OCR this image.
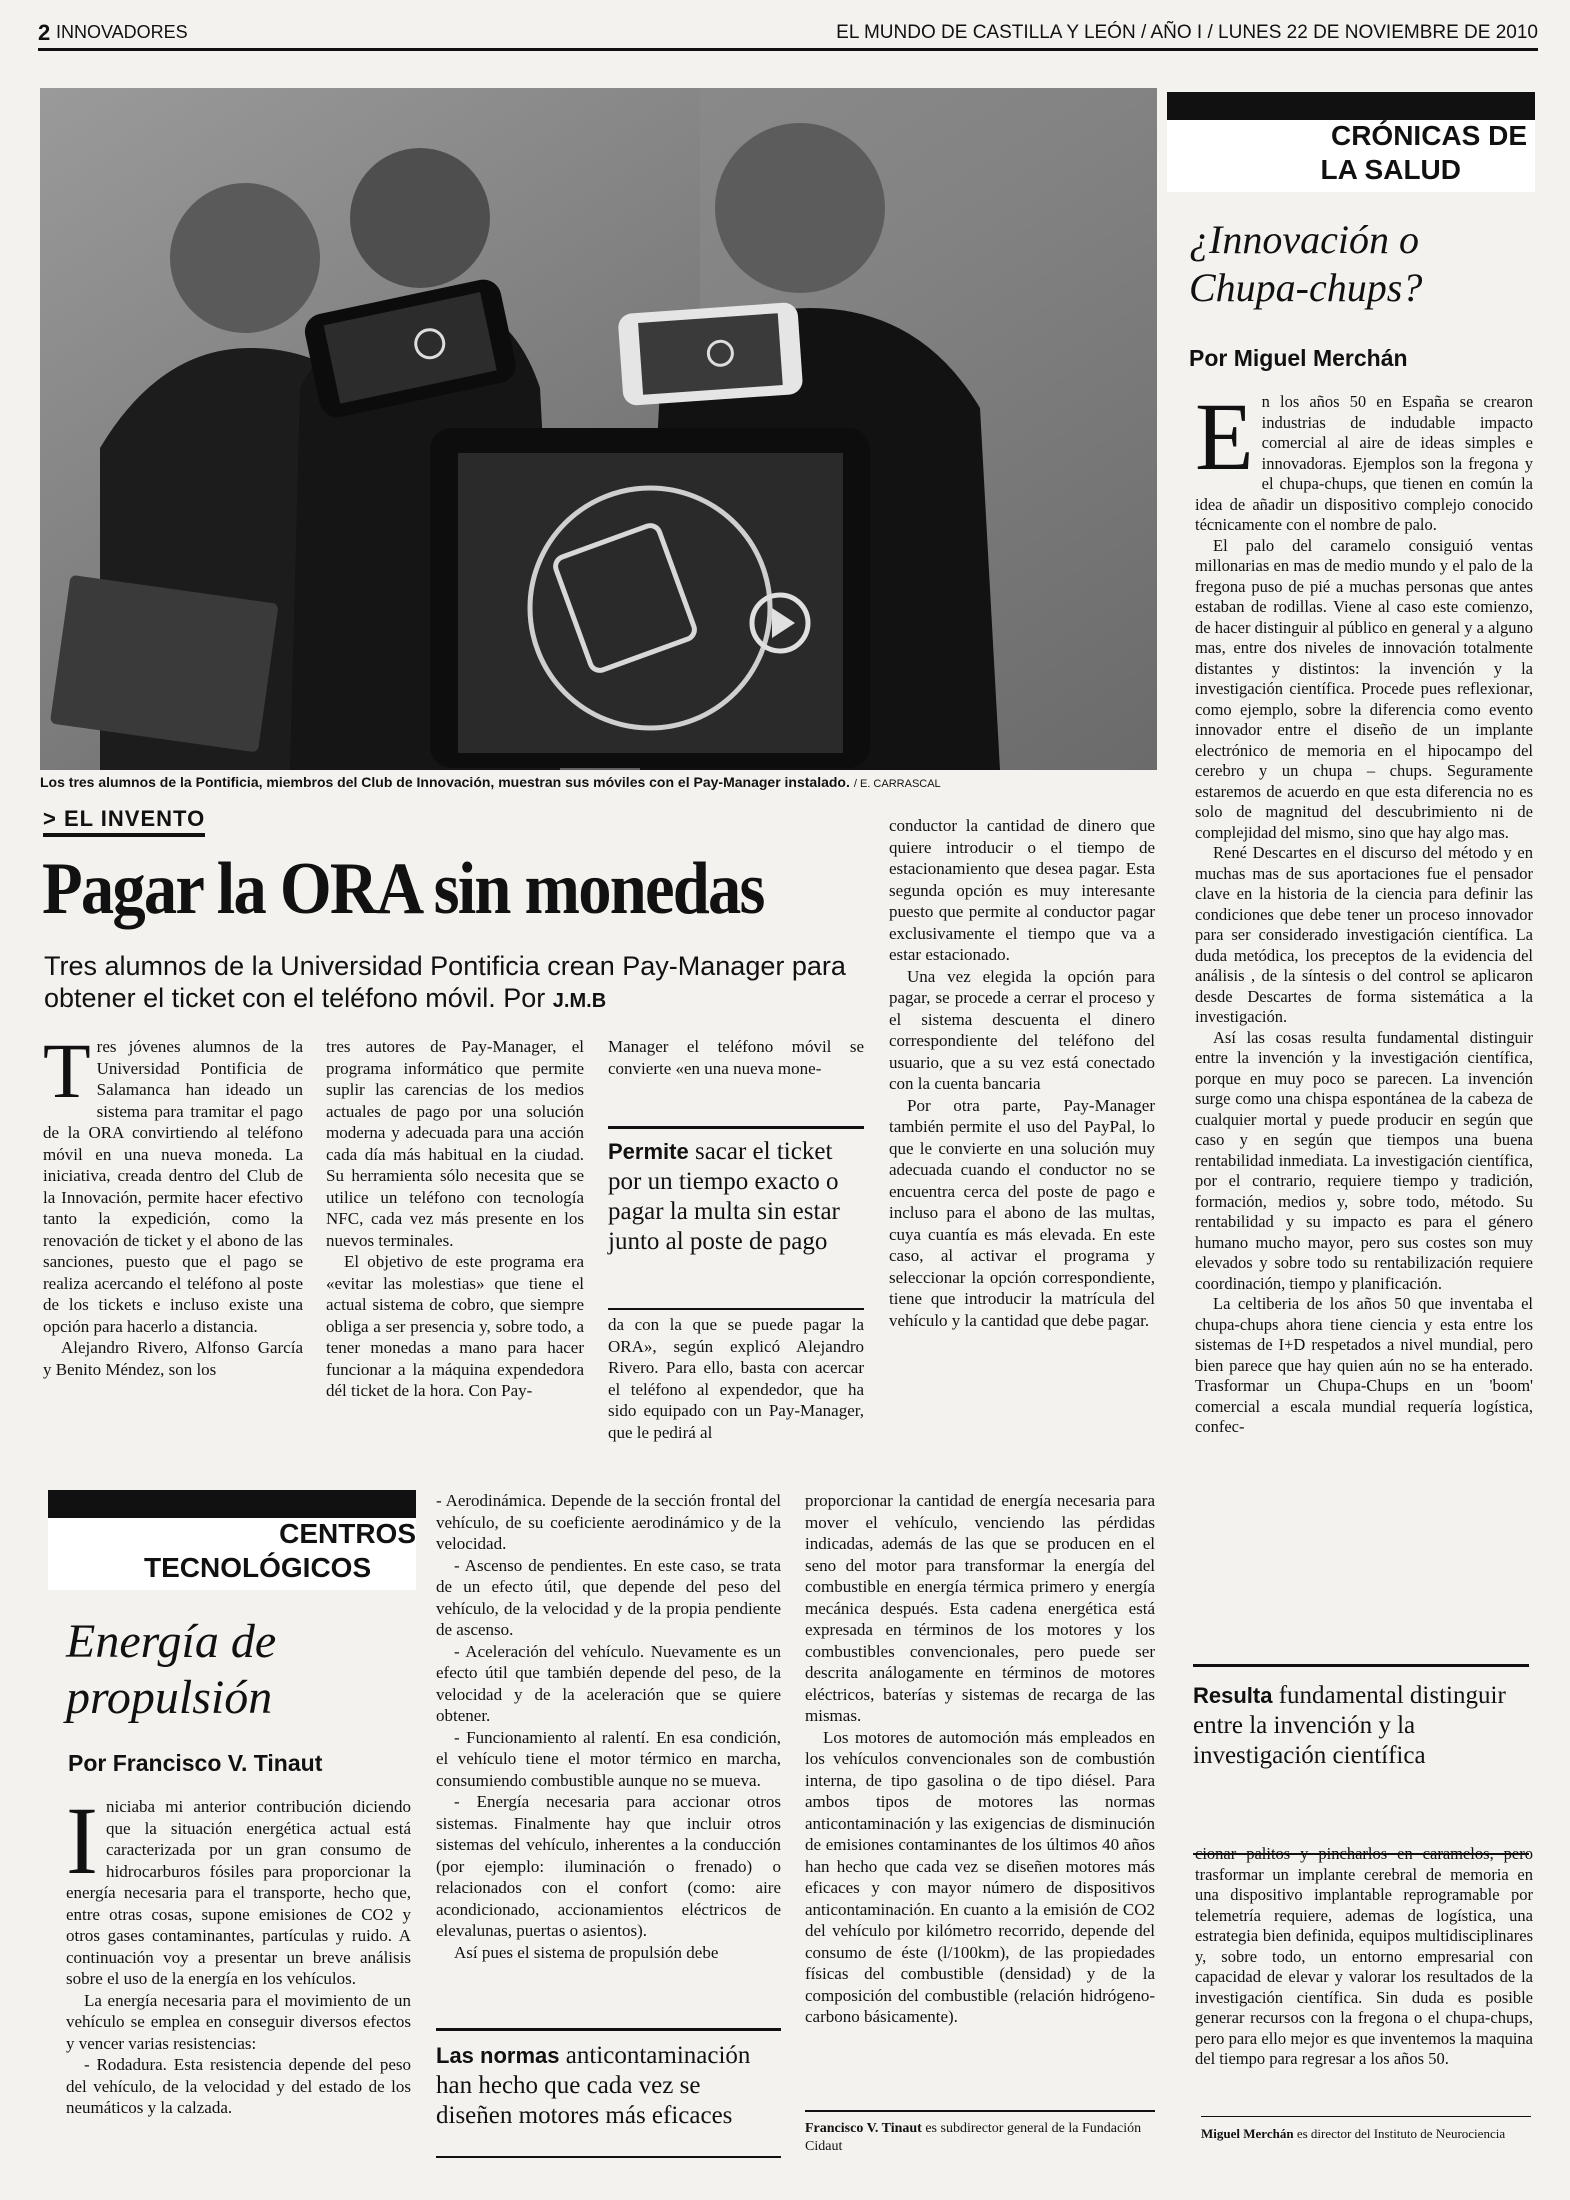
2 INNOVADORES	EL MUNDO DE CASTILLA Y LEÓN / AÑO I / LUNES 22 DE NOVIEMBRE DE 2010
Los tres alumnos de la Pontificia, miembros del Club de Innovación, muestran sus móviles con el Pay-Manager instalado. / E. CARRASCAL
> EL INVENTO
Pagar la ORA sin monedas
Tres alumnos de la Universidad Pontificia crean Pay-Manager para obtener el ticket con el teléfono móvil. Por J.M.B

Tres jóvenes alumnos de la Universidad Pontificia de Salamanca han ideado un sistema para tramitar el pago de la ORA convirtiendo al teléfono móvil en una nueva moneda. La iniciativa, creada dentro del Club de la Innovación, permite hacer efectivo tanto la expedición, como la renovación de ticket y el abono de las sanciones, puesto que el pago se realiza acercando el teléfono al poste de los tickets e incluso existe una opción para hacerlo a distancia.

Alejandro Rivero, Alfonso García y Benito Méndez, son los

tres autores de Pay-Manager, el programa informático que permite suplir las carencias de los medios actuales de pago por una solución moderna y adecuada para una acción cada día más habitual en la ciudad. Su herramienta sólo necesita que se utilice un teléfono con tecnología NFC, cada vez más presente en los nuevos terminales.

El objetivo de este programa era «evitar las molestias» que tiene el actual sistema de cobro, que siempre obliga a ser presencia y, sobre todo, a tener monedas a mano para hacer funcionar a la máquina expendedora dél ticket de la hora. Con Pay-

Manager el teléfono móvil se convierte «en una nueva mone-

Permite sacar el ticket por un tiempo exacto o pagar la multa sin estar junto al poste de pago

da con la que se puede pagar la ORA», según explicó Alejandro Rivero. Para ello, basta con acercar el teléfono al expendedor, que ha sido equipado con un Pay-Manager, que le pedirá al

conductor la cantidad de dinero que quiere introducir o el tiempo de estacionamiento que desea pagar. Esta segunda opción es muy interesante puesto que permite al conductor pagar exclusivamente el tiempo que va a estar estacionado.

Una vez elegida la opción para pagar, se procede a cerrar el proceso y el sistema descuenta el dinero correspondiente del teléfono del usuario, que a su vez está conectado con la cuenta bancaria

Por otra parte, Pay-Manager también permite el uso del PayPal, lo que le convierte en una solución muy adecuada cuando el conductor no se encuentra cerca del poste de pago e incluso para el abono de las multas, cuya cuantía es más elevada. En este caso, al activar el programa y seleccionar la opción correspondiente, tiene que introducir la matrícula del vehículo y la cantidad que debe pagar.

CRÓNICAS DE
LA SALUD
¿Innovación o Chupa-chups?
Por Miguel Merchán

En los años 50 en España se crearon industrias de indudable impacto comercial al aire de ideas simples e innovadoras. Ejemplos son la fregona y el chupa-chups, que tienen en común la idea de añadir un dispositivo complejo conocido técnicamente con el nombre de palo.

El palo del caramelo consiguió ventas millonarias en mas de medio mundo y el palo de la fregona puso de pié a muchas personas que antes estaban de rodillas. Viene al caso este comienzo, de hacer distinguir al público en general y a alguno mas, entre dos niveles de innovación totalmente distantes y distintos: la invención y la investigación científica. Procede pues reflexionar, como ejemplo, sobre la diferencia como evento innovador entre el diseño de un implante electrónico de memoria en el hipocampo del cerebro y un chupa – chups. Seguramente estaremos de acuerdo en que esta diferencia no es solo de magnitud del descubrimiento ni de complejidad del mismo, sino que hay algo mas.

René Descartes en el discurso del método y en muchas mas de sus aportaciones fue el pensador clave en la historia de la ciencia para definir las condiciones que debe tener un proceso innovador para ser considerado investigación científica. La duda metódica, los preceptos de la evidencia del análisis , de la síntesis o del control se aplicaron desde Descartes de forma sistemática a la investigación.

Así las cosas resulta fundamental distinguir entre la invención y la investigación científica, porque en muy poco se parecen. La invención surge como una chispa espontánea de la cabeza de cualquier mortal y puede producir en según que caso y en según que tiempos una buena rentabilidad inmediata. La investigación científica, por el contrario, requiere tiempo y tradición, formación, medios y, sobre todo, método. Su rentabilidad y su impacto es para el género humano mucho mayor, pero sus costes son muy elevados y sobre todo su rentabilización requiere coordinación, tiempo y planificación.

La celtiberia de los años 50 que inventaba el chupa-chups ahora tiene ciencia y esta entre los sistemas de I+D respetados a nivel mundial, pero bien parece que hay quien aún no se ha enterado. Trasformar un Chupa-Chups en un 'boom' comercial a escala mundial requería logística, confec-

Resulta fundamental distinguir entre la invención y la investigación científica

cionar palitos y pincharlos en caramelos, pero trasformar un implante cerebral de memoria en una dispositivo implantable reprogramable por telemetría requiere, ademas de logística, una estrategia bien definida, equipos multidisciplinares y, sobre todo, un entorno empresarial con capacidad de elevar y valorar los resultados de la investigación científica. Sin duda es posible generar recursos con la fregona o el chupa-chups, pero para ello mejor es que inventemos la maquina del tiempo para regresar a los años 50.

Miguel Merchán es director del Instituto de Neurociencia
CENTROS
TECNOLÓGICOS
Energía de propulsión
Por Francisco V. Tinaut

Iniciaba mi anterior contribución diciendo que la situación energética actual está caracterizada por un gran consumo de hidrocarburos fósiles para proporcionar la energía necesaria para el transporte, hecho que, entre otras cosas, supone emisiones de CO2 y otros gases contaminantes, partículas y ruido. A continuación voy a presentar un breve análisis sobre el uso de la energía en los vehículos.

La energía necesaria para el movimiento de un vehículo se emplea en conseguir diversos efectos y vencer varias resistencias:

- Rodadura. Esta resistencia depende del peso del vehículo, de la velocidad y del estado de los neumáticos y la calzada.

- Aerodinámica. Depende de la sección frontal del vehículo, de su coeficiente aerodinámico y de la velocidad.

- Ascenso de pendientes. En este caso, se trata de un efecto útil, que depende del peso del vehículo, de la velocidad y de la propia pendiente de ascenso.

- Aceleración del vehículo. Nuevamente es un efecto útil que también depende del peso, de la velocidad y de la aceleración que se quiere obtener.

- Funcionamiento al ralentí. En esa condición, el vehículo tiene el motor térmico en marcha, consumiendo combustible aunque no se mueva.

- Energía necesaria para accionar otros sistemas. Finalmente hay que incluir otros sistemas del vehículo, inherentes a la conducción (por ejemplo: iluminación o frenado) o relacionados con el confort (como: aire acondicionado, accionamientos eléctricos de elevalunas, puertas o asientos).

Así pues el sistema de propulsión debe

Las normas anticontaminación han hecho que cada vez se diseñen motores más eficaces

proporcionar la cantidad de energía necesaria para mover el vehículo, venciendo las pérdidas indicadas, además de las que se producen en el seno del motor para transformar la energía del combustible en energía térmica primero y energía mecánica después. Esta cadena energética está expresada en términos de los motores y los combustibles convencionales, pero puede ser descrita análogamente en términos de motores eléctricos, baterías y sistemas de recarga de las mismas.

Los motores de automoción más empleados en los vehículos convencionales son de combustión interna, de tipo gasolina o de tipo diésel. Para ambos tipos de motores las normas anticontaminación y las exigencias de disminución de emisiones contaminantes de los últimos 40 años han hecho que cada vez se diseñen motores más eficaces y con mayor número de dispositivos anticontaminación. En cuanto a la emisión de CO2 del vehículo por kilómetro recorrido, depende del consumo de éste (l/100km), de las propiedades físicas del combustible (densidad) y de la composición del combustible (relación hidrógeno-carbono básicamente).

Francisco V. Tinaut es subdirector general de la Fundación Cidaut
